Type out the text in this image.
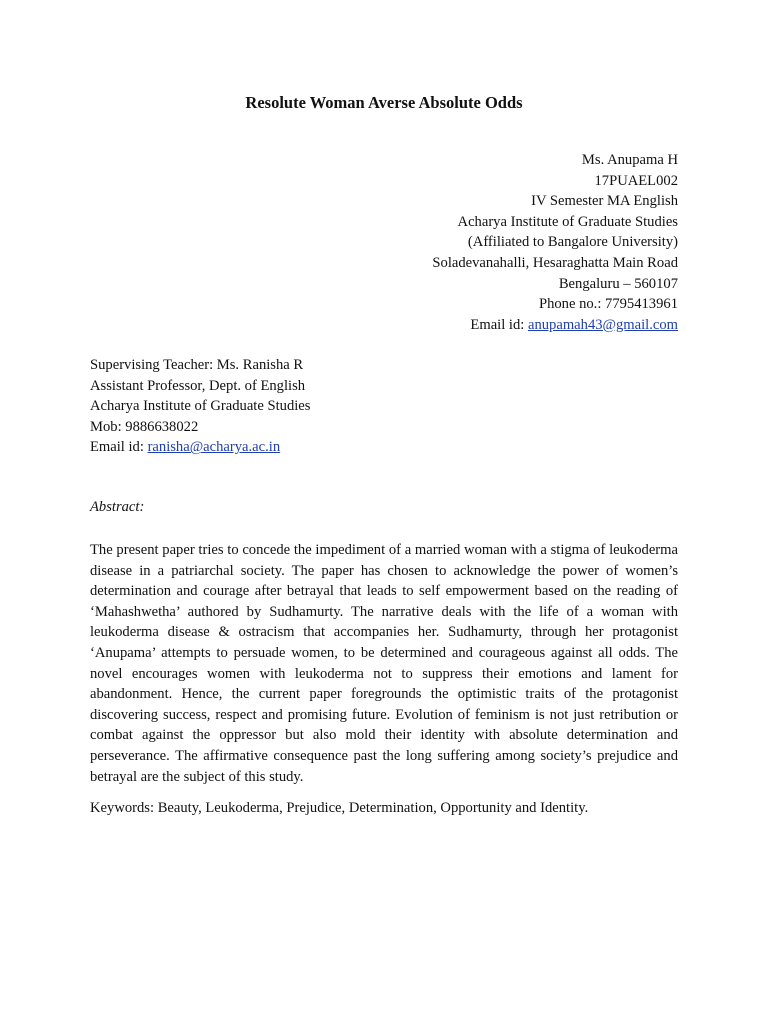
Resolute Woman Averse Absolute Odds
Ms. Anupama H
17PUAEL002
IV Semester MA English
Acharya Institute of Graduate Studies
(Affiliated to Bangalore University)
Soladevanahalli, Hesaraghatta Main Road
Bengaluru – 560107
Phone no.: 7795413961
Email id: anupamah43@gmail.com
Supervising Teacher: Ms. Ranisha R
Assistant Professor, Dept. of English
Acharya Institute of Graduate Studies
Mob: 9886638022
Email id: ranisha@acharya.ac.in
Abstract:
The present paper tries to concede the impediment of a married woman with a stigma of leukoderma disease in a patriarchal society. The paper has chosen to acknowledge the power of women’s determination and courage after betrayal that leads to self empowerment based on the reading of ‘Mahashwetha’ authored by Sudhamurty. The narrative deals with the life of a woman with leukoderma disease & ostracism that accompanies her. Sudhamurty, through her protagonist ‘Anupama’ attempts to persuade women, to be determined and courageous against all odds. The novel encourages women with leukoderma not to suppress their emotions and lament for abandonment. Hence, the current paper foregrounds the optimistic traits of the protagonist discovering success, respect and promising future. Evolution of feminism is not just retribution or combat against the oppressor but also mold their identity with absolute determination and perseverance. The affirmative consequence past the long suffering among society’s prejudice and betrayal are the subject of this study.
Keywords: Beauty, Leukoderma, Prejudice, Determination, Opportunity and Identity.
